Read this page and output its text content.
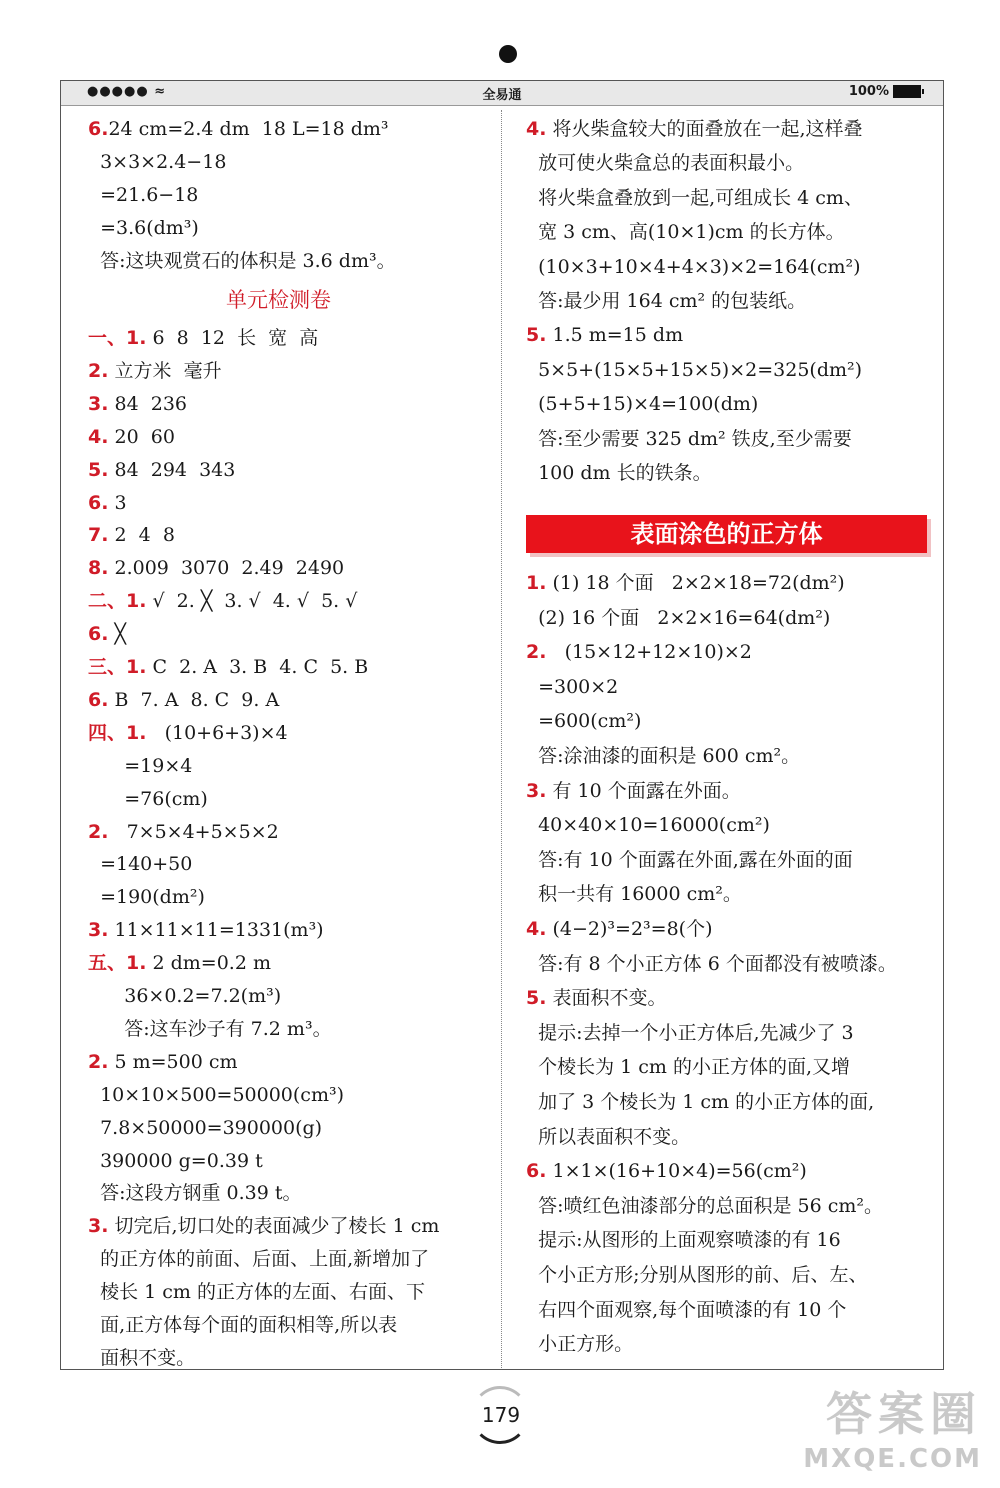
●●●●● ≈	全易通	100%
6.24 cm=2.4 dm  18 L=18 dm³
3×3×2.4−18
=21.6−18
=3.6(dm³)
答:这块观赏石的体积是 3.6 dm³。
单元检测卷
一、1. 6  8  12  长  宽  高
2. 立方米  毫升
3. 84  236
4. 20  60
5. 84  294  343
6. 3
7. 2  4  8
8. 2.009  3070  2.49  2490
二、1. √  2. ╳  3. √  4. √  5. √
6. ╳
三、1. C  2. A  3. B  4. C  5. B
6. B  7. A  8. C  9. A
四、1.   (10+6+3)×4
=19×4
=76(cm)
2.   7×5×4+5×5×2
=140+50
=190(dm²)
3. 11×11×11=1331(m³)
五、1. 2 dm=0.2 m
36×0.2=7.2(m³)
答:这车沙子有 7.2 m³。
2. 5 m=500 cm
10×10×500=50000(cm³)
7.8×50000=390000(g)
390000 g=0.39 t
答:这段方钢重 0.39 t。
3. 切完后,切口处的表面减少了棱长 1 cm
的正方体的前面、后面、上面,新增加了
棱长 1 cm 的正方体的左面、右面、下
面,正方体每个面的面积相等,所以表
面积不变。
4. 将火柴盒较大的面叠放在一起,这样叠
放可使火柴盒总的表面积最小。
将火柴盒叠放到一起,可组成长 4 cm、
宽 3 cm、高(10×1)cm 的长方体。
(10×3+10×4+4×3)×2=164(cm²)
答:最少用 164 cm² 的包装纸。
5. 1.5 m=15 dm
5×5+(15×5+15×5)×2=325(dm²)
(5+5+15)×4=100(dm)
答:至少需要 325 dm² 铁皮,至少需要
100 dm 长的铁条。
表面涂色的正方体
1. (1) 18 个面   2×2×18=72(dm²)
(2) 16 个面   2×2×16=64(dm²)
2.   (15×12+12×10)×2
=300×2
=600(cm²)
答:涂油漆的面积是 600 cm²。
3. 有 10 个面露在外面。
40×40×10=16000(cm²)
答:有 10 个面露在外面,露在外面的面
积一共有 16000 cm²。
4. (4−2)³=2³=8(个)
答:有 8 个小正方体 6 个面都没有被喷漆。
5. 表面积不变。
提示:去掉一个小正方体后,先减少了 3
个棱长为 1 cm 的小正方体的面,又增
加了 3 个棱长为 1 cm 的小正方体的面,
所以表面积不变。
6. 1×1×(16+10×4)=56(cm²)
答:喷红色油漆部分的总面积是 56 cm²。
提示:从图形的上面观察喷漆的有 16
个小正方形;分别从图形的前、后、左、
右四个面观察,每个面喷漆的有 10 个
小正方形。
179	答案圈
MXQE.COM
